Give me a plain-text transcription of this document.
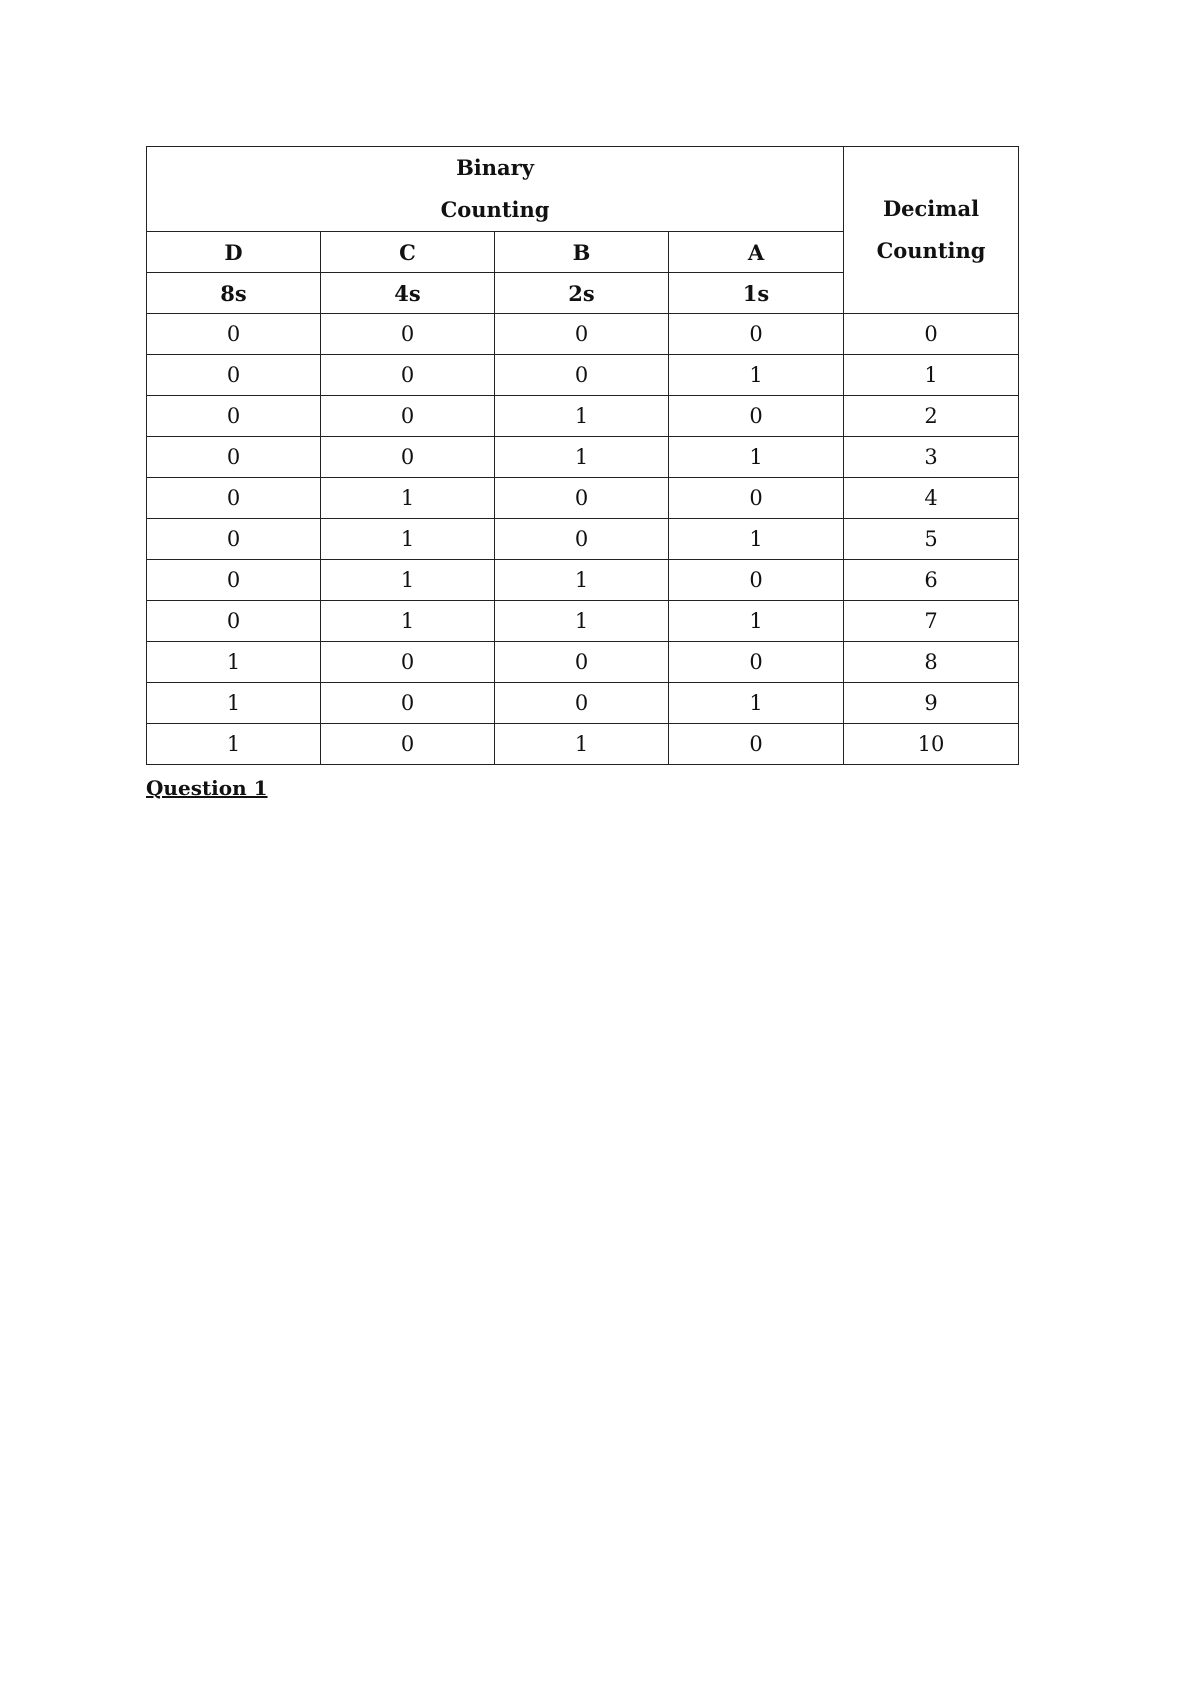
Binary
Counting				Decimal
Counting

D	C	B	A	
8s	4s	2s	1s	
0	0	0	0	0
0	0	0	1	1
0	0	1	0	2
0	0	1	1	3
0	1	0	0	4
0	1	0	1	5
0	1	1	0	6
0	1	1	1	7
1	0	0	0	8
1	0	0	1	9
1	0	1	0	10

Question 1
